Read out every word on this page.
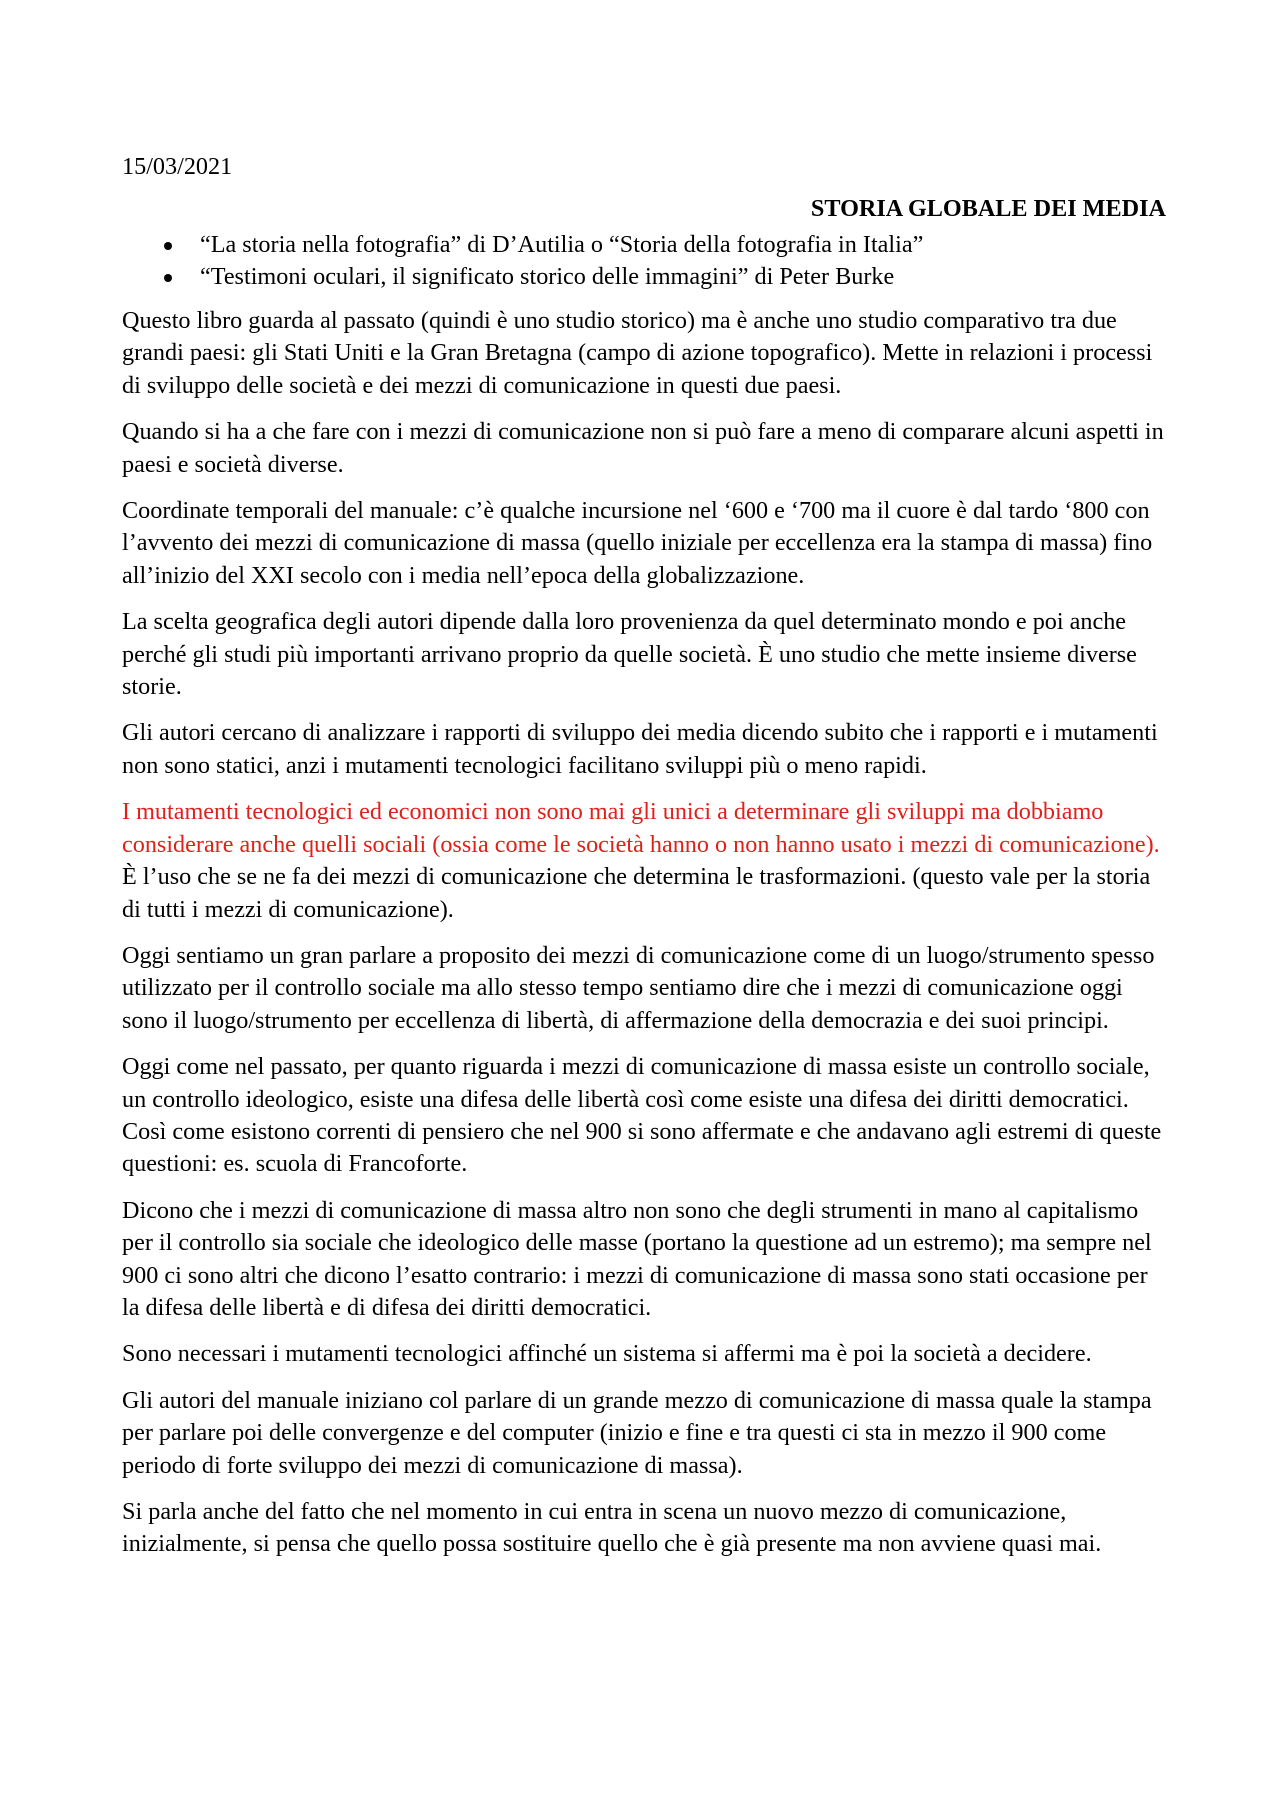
15/03/2021
STORIA GLOBALE DEI MEDIA
“La storia nella fotografia” di D’Autilia o “Storia della fotografia in Italia”
“Testimoni oculari, il significato storico delle immagini” di Peter Burke

Questo libro guarda al passato (quindi è uno studio storico) ma è anche uno studio comparativo tra due grandi paesi: gli Stati Uniti e la Gran Bretagna (campo di azione topografico). Mette in relazioni i processi di sviluppo delle società e dei mezzi di comunicazione in questi due paesi.

Quando si ha a che fare con i mezzi di comunicazione non si può fare a meno di comparare alcuni aspetti in paesi e società diverse.

Coordinate temporali del manuale: c’è qualche incursione nel ‘600 e ‘700 ma il cuore è dal tardo ‘800 con l’avvento dei mezzi di comunicazione di massa (quello iniziale per eccellenza era la stampa di massa) fino all’inizio del XXI secolo con i media nell’epoca della globalizzazione.

La scelta geografica degli autori dipende dalla loro provenienza da quel determinato mondo e poi anche perché gli studi più importanti arrivano proprio da quelle società. È uno studio che mette insieme diverse storie.

Gli autori cercano di analizzare i rapporti di sviluppo dei media dicendo subito che i rapporti e i mutamenti non sono statici, anzi i mutamenti tecnologici facilitano sviluppi più o meno rapidi.

I mutamenti tecnologici ed economici non sono mai gli unici a determinare gli sviluppi ma dobbiamo considerare anche quelli sociali (ossia come le società hanno o non hanno usato i mezzi di comunicazione). È l’uso che se ne fa dei mezzi di comunicazione che determina le trasformazioni. (questo vale per la storia di tutti i mezzi di comunicazione).

Oggi sentiamo un gran parlare a proposito dei mezzi di comunicazione come di un luogo/strumento spesso utilizzato per il controllo sociale ma allo stesso tempo sentiamo dire che i mezzi di comunicazione oggi sono il luogo/strumento per eccellenza di libertà, di affermazione della democrazia e dei suoi principi.

Oggi come nel passato, per quanto riguarda i mezzi di comunicazione di massa esiste un controllo sociale, un controllo ideologico, esiste una difesa delle libertà così come esiste una difesa dei diritti democratici. Così come esistono correnti di pensiero che nel 900 si sono affermate e che andavano agli estremi di queste questioni: es. scuola di Francoforte.

Dicono che i mezzi di comunicazione di massa altro non sono che degli strumenti in mano al capitalismo per il controllo sia sociale che ideologico delle masse (portano la questione ad un estremo); ma sempre nel 900 ci sono altri che dicono l’esatto contrario: i mezzi di comunicazione di massa sono stati occasione per la difesa delle libertà e di difesa dei diritti democratici.

Sono necessari i mutamenti tecnologici affinché un sistema si affermi ma è poi la società a decidere.

Gli autori del manuale iniziano col parlare di un grande mezzo di comunicazione di massa quale la stampa per parlare poi delle convergenze e del computer (inizio e fine e tra questi ci sta in mezzo il 900 come periodo di forte sviluppo dei mezzi di comunicazione di massa).

Si parla anche del fatto che nel momento in cui entra in scena un nuovo mezzo di comunicazione, inizialmente, si pensa che quello possa sostituire quello che è già presente ma non avviene quasi mai.
